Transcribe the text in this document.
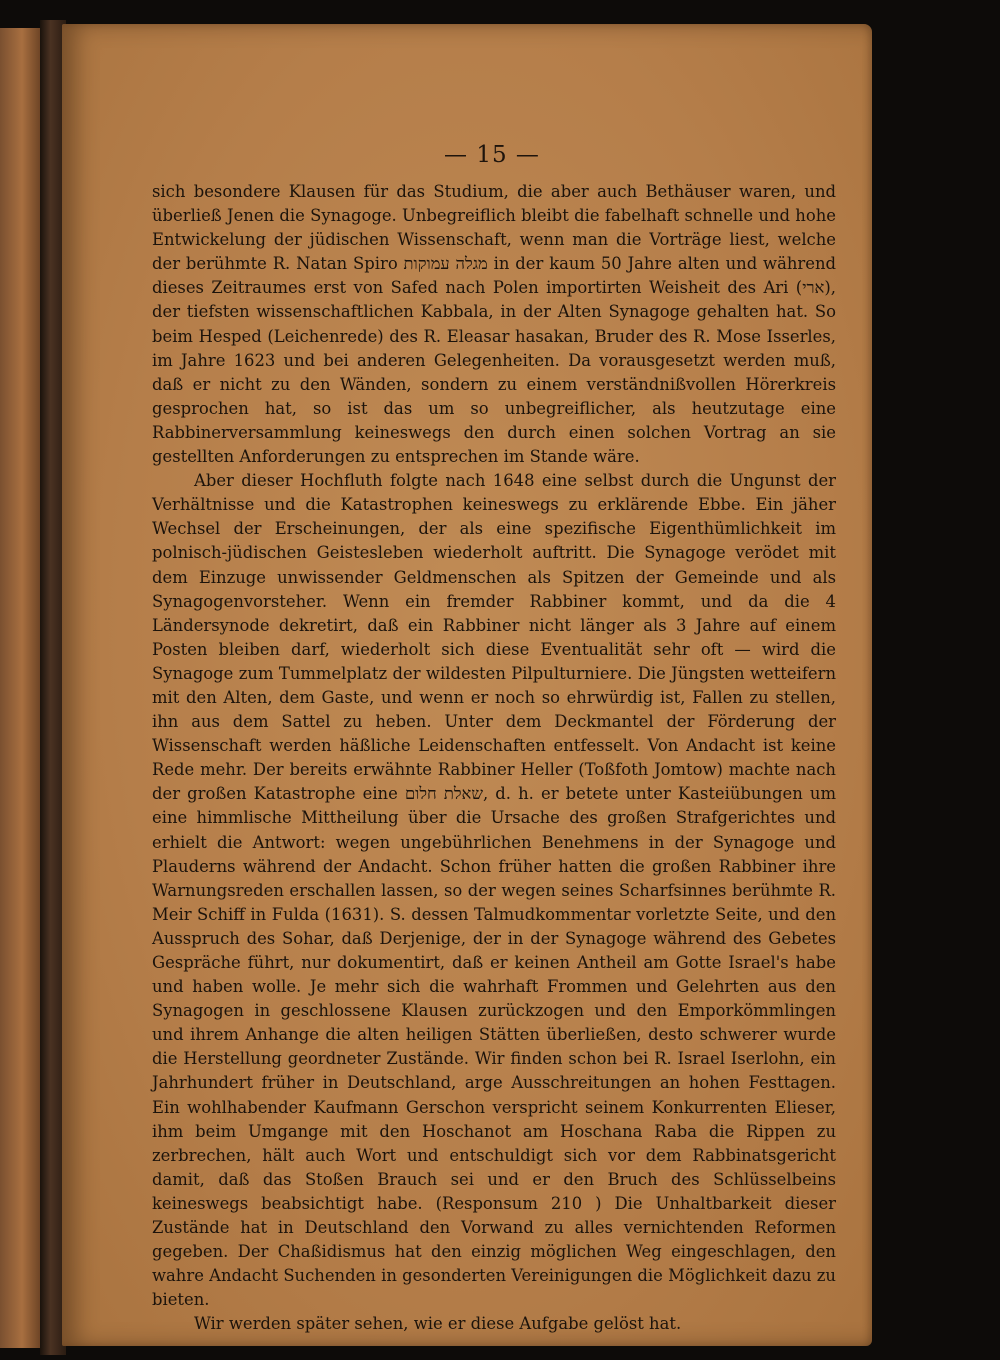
— 15 —

sich besondere Klausen für das Studium, die aber auch Bethäuser waren, und überließ Jenen die Synagoge. Unbegreiflich bleibt die fabelhaft schnelle und hohe Entwickelung der jüdischen Wissenschaft, wenn man die Vorträge liest, welche der berühmte R. Natan Spiro מגלה עמוקות in der kaum 50 Jahre alten und während dieses Zeitraumes erst von Safed nach Polen importirten Weisheit des Ari (ארי), der tiefsten wissenschaftlichen Kabbala, in der Alten Synagoge gehalten hat. So beim Hesped (Leichenrede) des R. Eleasar hasakan, Bruder des R. Mose Isserles, im Jahre 1623 und bei anderen Gelegenheiten. Da vorausgesetzt werden muß, daß er nicht zu den Wänden, sondern zu einem verständnißvollen Hörerkreis gesprochen hat, so ist das um so unbegreiflicher, als heutzutage eine Rabbinerversammlung keineswegs den durch einen solchen Vortrag an sie gestellten Anforderungen zu entsprechen im Stande wäre.

Aber dieser Hochfluth folgte nach 1648 eine selbst durch die Ungunst der Verhältnisse und die Katastrophen keineswegs zu erklärende Ebbe. Ein jäher Wechsel der Erscheinungen, der als eine spezifische Eigenthümlichkeit im polnisch-jüdischen Geistesleben wiederholt auftritt. Die Synagoge verödet mit dem Einzuge unwissender Geldmenschen als Spitzen der Gemeinde und als Synagogenvorsteher. Wenn ein fremder Rabbiner kommt, und da die 4 Ländersynode dekretirt, daß ein Rabbiner nicht länger als 3 Jahre auf einem Posten bleiben darf, wiederholt sich diese Eventualität sehr oft — wird die Synagoge zum Tummelplatz der wildesten Pilpulturniere. Die Jüngsten wetteifern mit den Alten, dem Gaste, und wenn er noch so ehrwürdig ist, Fallen zu stellen, ihn aus dem Sattel zu heben. Unter dem Deckmantel der Förderung der Wissenschaft werden häßliche Leidenschaften entfesselt. Von Andacht ist keine Rede mehr. Der bereits erwähnte Rabbiner Heller (Toßfoth Jomtow) machte nach der großen Katastrophe eine שאלת חלום, d. h. er betete unter Kasteiübungen um eine himmlische Mittheilung über die Ursache des großen Strafgerichtes und erhielt die Antwort: wegen ungebührlichen Benehmens in der Synagoge und Plauderns während der Andacht. Schon früher hatten die großen Rabbiner ihre Warnungsreden erschallen lassen, so der wegen seines Scharfsinnes berühmte R. Meir Schiff in Fulda (1631). S. dessen Talmudkommentar vorletzte Seite, und den Ausspruch des Sohar, daß Derjenige, der in der Synagoge während des Gebetes Gespräche führt, nur dokumentirt, daß er keinen Antheil am Gotte Israel's habe und haben wolle. Je mehr sich die wahrhaft Frommen und Gelehrten aus den Synagogen in geschlossene Klausen zurückzogen und den Emporkömmlingen und ihrem Anhange die alten heiligen Stätten überließen, desto schwerer wurde die Herstellung geordneter Zustände. Wir finden schon bei R. Israel Iserlohn, ein Jahrhundert früher in Deutschland, arge Ausschreitungen an hohen Festtagen. Ein wohlhabender Kaufmann Gerschon verspricht seinem Konkurrenten Elieser, ihm beim Umgange mit den Hoschanot am Hoschana Raba die Rippen zu zerbrechen, hält auch Wort und entschuldigt sich vor dem Rabbinatsgericht damit, daß das Stoßen Brauch sei und er den Bruch des Schlüsselbeins keineswegs beabsichtigt habe. (Responsum 210 ) Die Unhaltbarkeit dieser Zustände hat in Deutschland den Vorwand zu alles vernichtenden Reformen gegeben. Der Chaßidismus hat den einzig möglichen Weg eingeschlagen, den wahre Andacht Suchenden in gesonderten Vereinigungen die Möglichkeit dazu zu bieten.

Wir werden später sehen, wie er diese Aufgabe gelöst hat.
